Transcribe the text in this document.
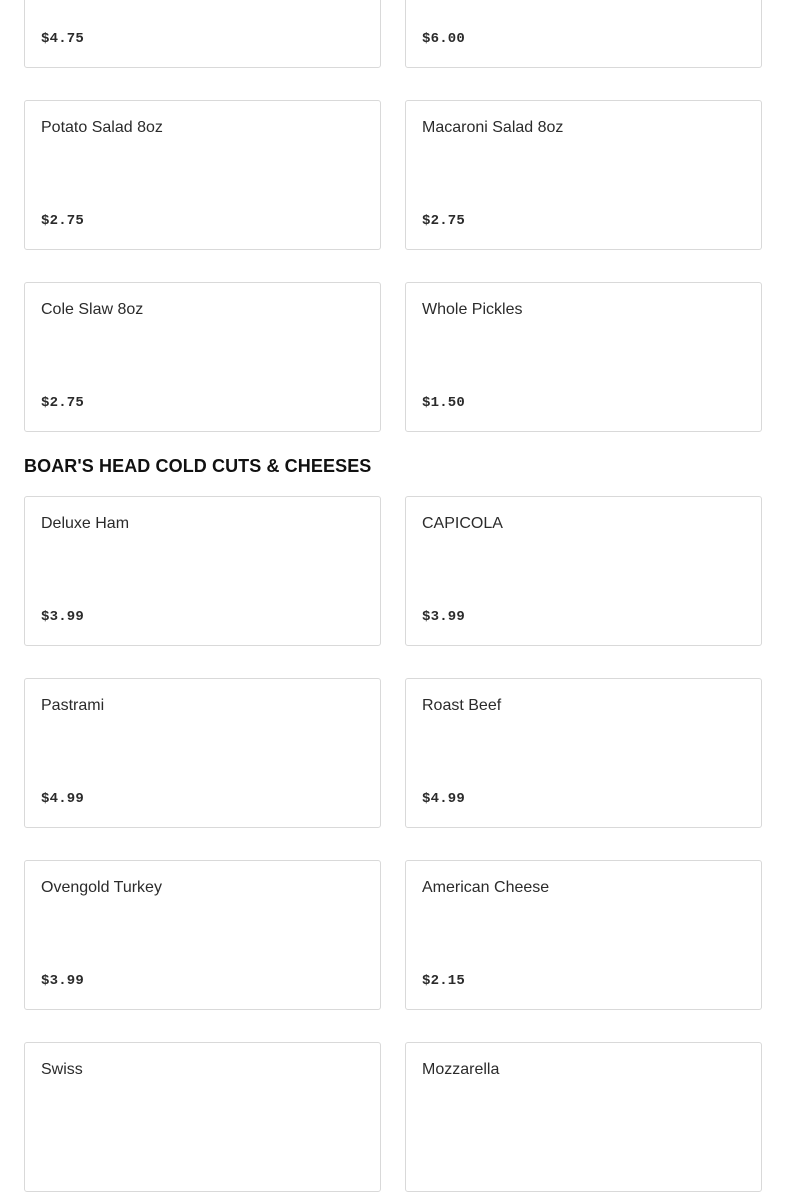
$4.75	$6.00
Potato Salad 8oz
$2.75
Macaroni Salad 8oz
$2.75
Cole Slaw 8oz
$2.75
Whole Pickles
$1.50
BOAR'S HEAD COLD CUTS & CHEESES
Deluxe Ham
$3.99
CAPICOLA
$3.99
Pastrami
$4.99
Roast Beef
$4.99
Ovengold Turkey
$3.99
American Cheese
$2.15
Swiss	Mozzarella
